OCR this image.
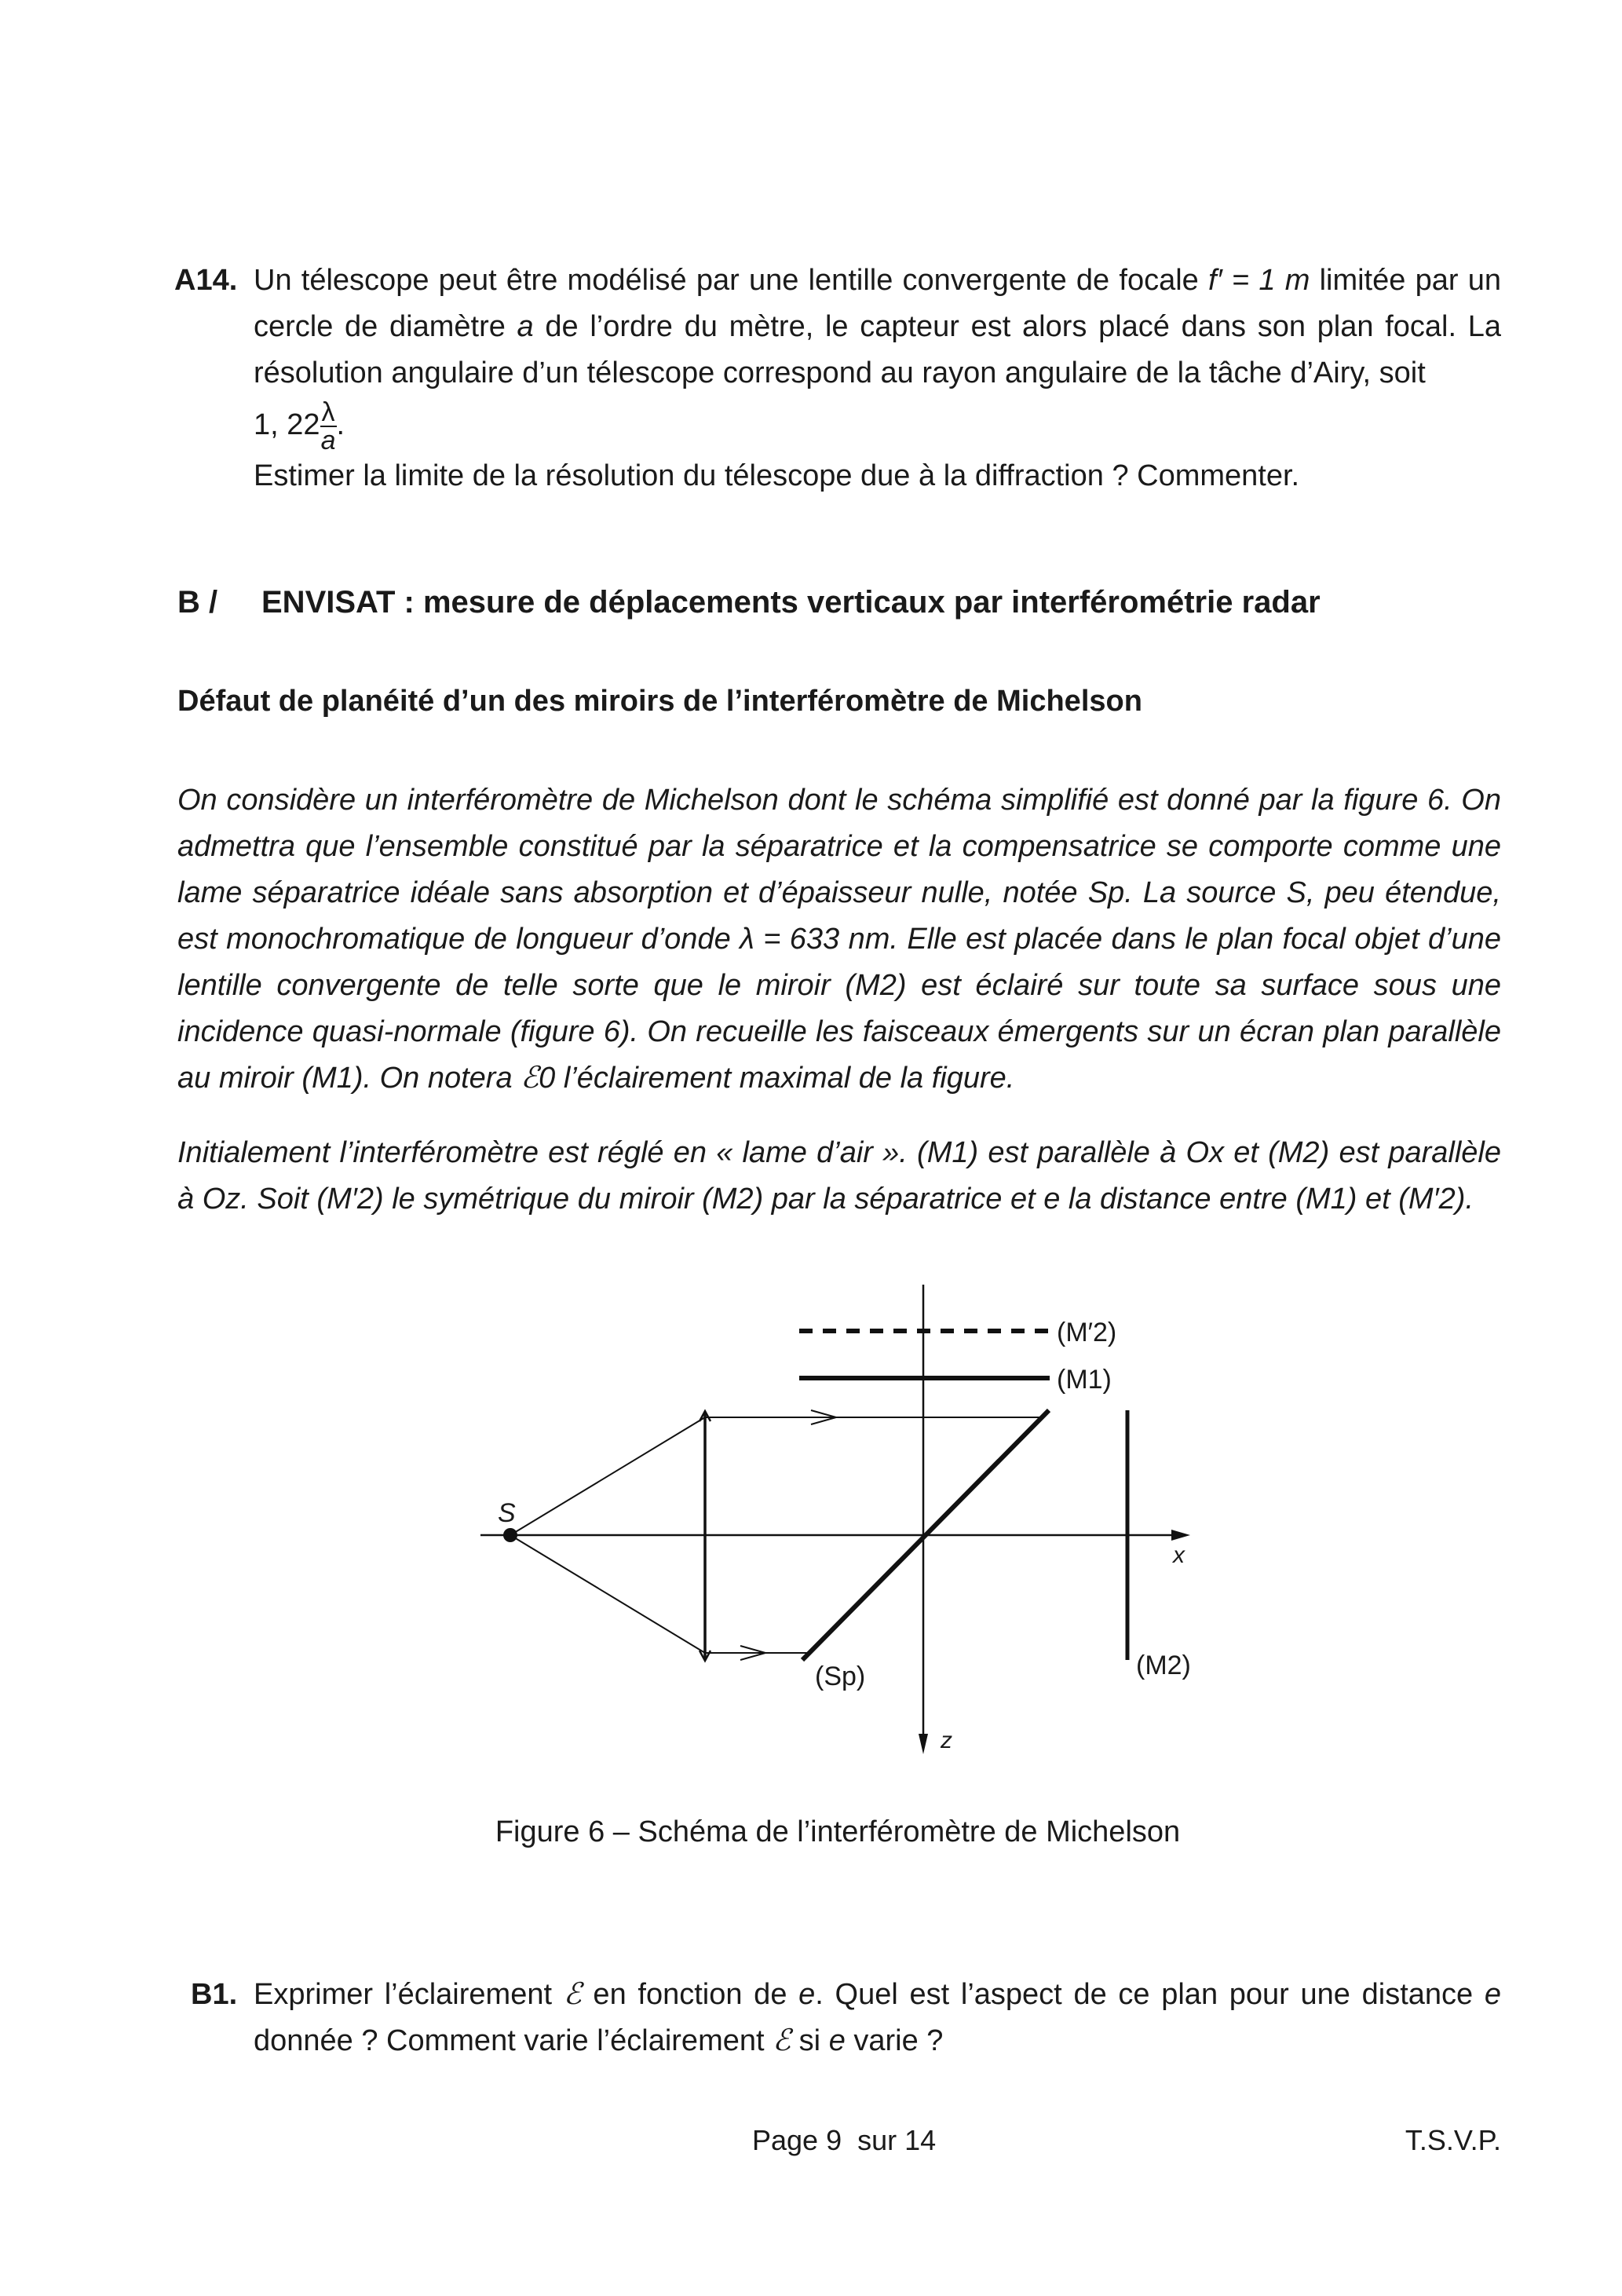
A14. Un télescope peut être modélisé par une lentille convergente de focale f′ = 1 m limitée par un cercle de diamètre a de l’ordre du mètre, le capteur est alors placé dans son plan focal. La résolution angulaire d’un télescope correspond au rayon angulaire de la tâche d’Airy, soit

1, $22 \frac{\lambda}{a}$ .

Estimer la limite de la résolution du télescope due à la diffraction ? Commenter.

B / ENVISAT : mesure de déplacements verticaux par interférométrie radar
Défaut de planéité d’un des miroirs de l’interféromètre de Michelson

On considère un interféromètre de Michelson dont le schéma simplifié est donné par la figure 6. On admettra que l’ensemble constitué par la séparatrice et la compensatrice se comporte comme une lame séparatrice idéale sans absorption et d’épaisseur nulle, notée Sp. La source S, peu étendue, est monochromatique de longueur d’onde λ = 633 nm. Elle est placée dans le plan focal objet d’une lentille convergente de telle sorte que le miroir (M2) est éclairé sur toute sa surface sous une incidence quasi-normale (figure 6). On recueille les faisceaux émergents sur un écran plan parallèle au miroir (M1). On notera ℰ0 l’éclairement maximal de la figure.

Initialement l’interféromètre est réglé en « lame d’air ». (M1) est parallèle à Ox et (M2) est parallèle à Oz. Soit (M′2) le symétrique du miroir (M2) par la séparatrice et e la distance entre (M1) et (M′2).

S
x
z
(Sp)
(M1)
(M′2)
(M2)
Figure 6 – Schéma de l’interféromètre de Michelson
B1. Exprimer l’éclairement ℰ en fonction de e. Quel est l’aspect de ce plan pour une distance e donnée ? Comment varie l’éclairement ℰ si e varie ?
Page 9  sur 14	T.S.V.P.
